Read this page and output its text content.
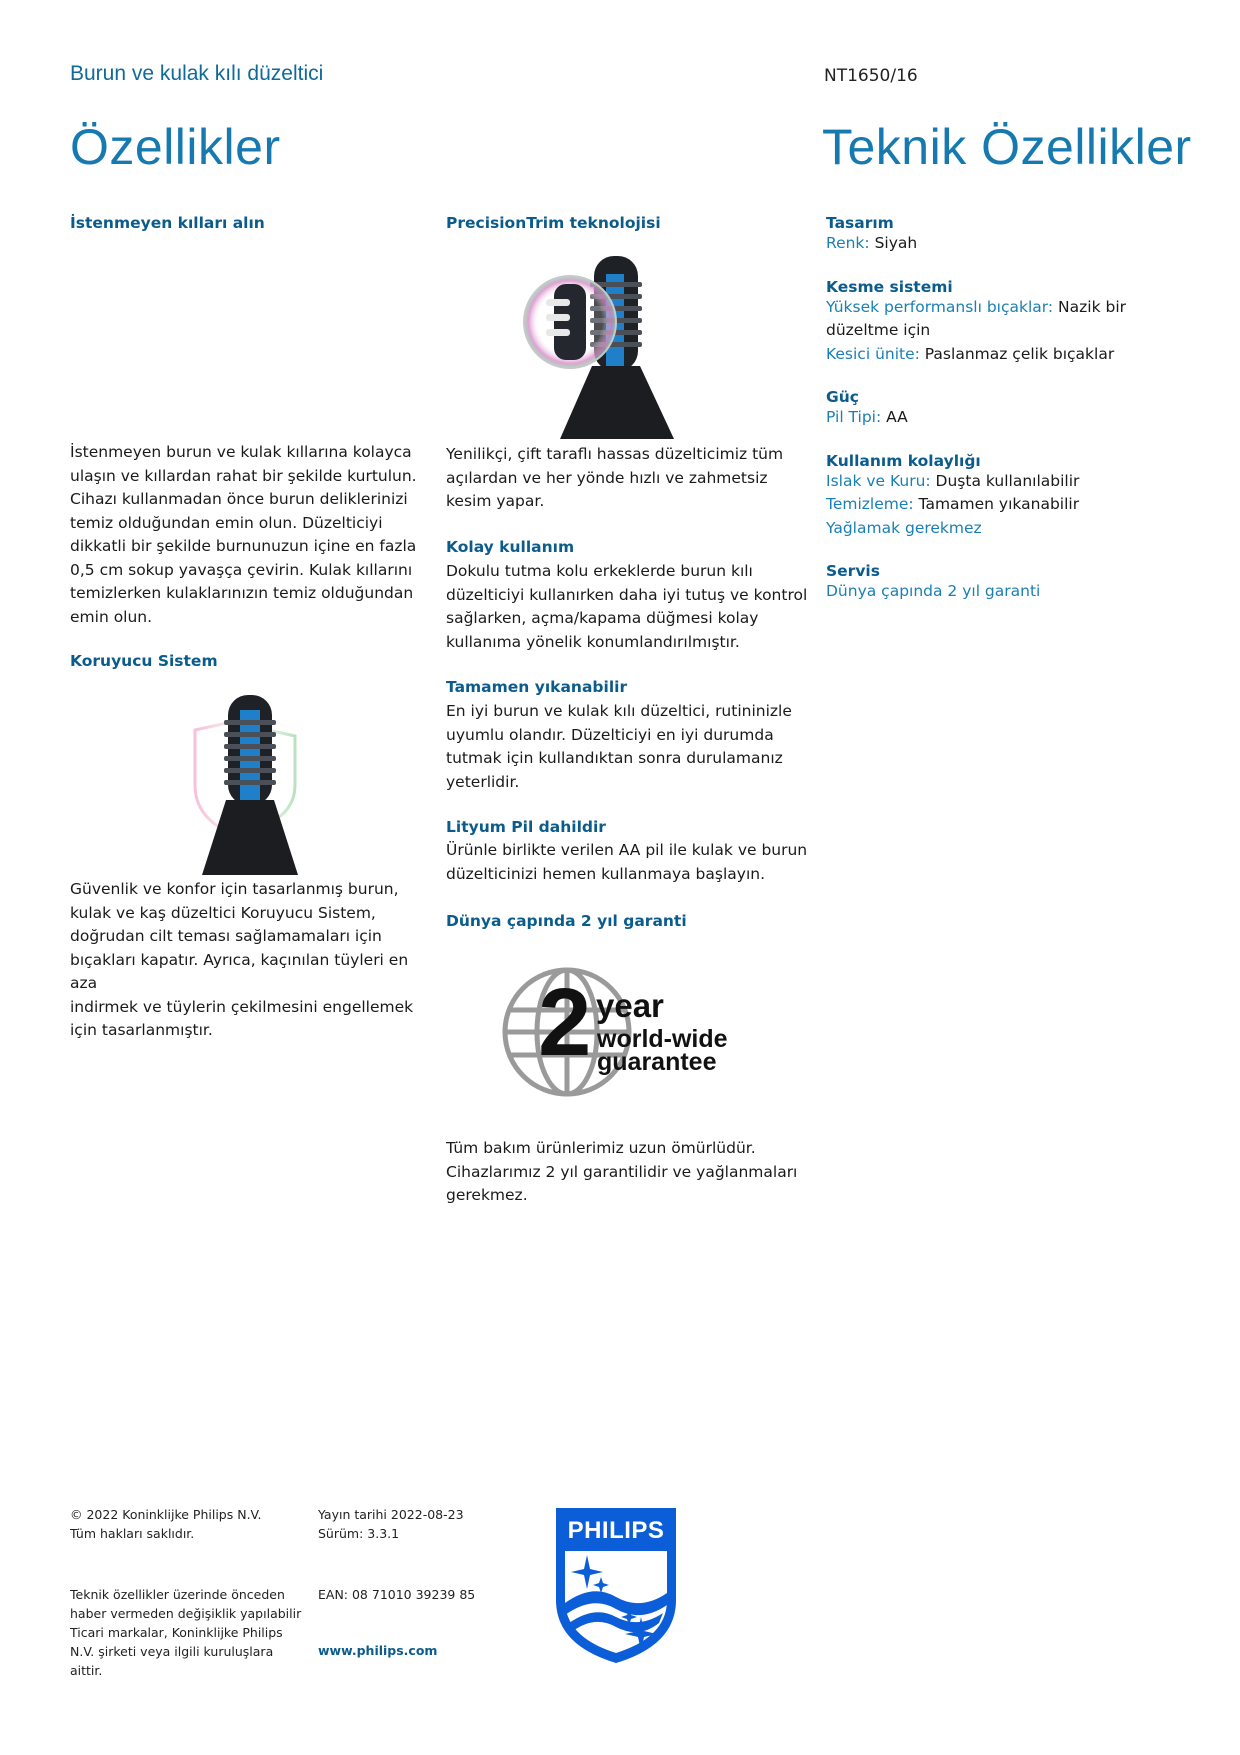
Burun ve kulak kılı düzeltici	NT1650/16
Özellikler	Teknik Özellikler
İstenmeyen kılları alın
İstenmeyen burun ve kulak kıllarına kolayca
ulaşın ve kıllardan rahat bir şekilde kurtulun.
Cihazı kullanmadan önce burun deliklerinizi
temiz olduğundan emin olun. Düzelticiyi
dikkatli bir şekilde burnunuzun içine en fazla
0,5 cm sokup yavaşça çevirin. Kulak kıllarını
temizlerken kulaklarınızın temiz olduğundan
emin olun.
Koruyucu Sistem
Güvenlik ve konfor için tasarlanmış burun,
kulak ve kaş düzeltici Koruyucu Sistem,
doğrudan cilt teması sağlamamaları için
bıçakları kapatır. Ayrıca, kaçınılan tüyleri en aza
indirmek ve tüylerin çekilmesini engellemek
için tasarlanmıştır.
PrecisionTrim teknolojisi
Yenilikçi, çift taraflı hassas düzelticimiz tüm
açılardan ve her yönde hızlı ve zahmetsiz
kesim yapar.
Kolay kullanım
Dokulu tutma kolu erkeklerde burun kılı
düzelticiyi kullanırken daha iyi tutuş ve kontrol
sağlarken, açma/kapama düğmesi kolay
kullanıma yönelik konumlandırılmıştır.
Tamamen yıkanabilir
En iyi burun ve kulak kılı düzeltici, rutininizle
uyumlu olandır. Düzelticiyi en iyi durumda
tutmak için kullandıktan sonra durulamanız
yeterlidir.
Lityum Pil dahildir
Ürünle birlikte verilen AA pil ile kulak ve burun
düzelticinizi hemen kullanmaya başlayın.
Dünya çapında 2 yıl garanti
2 year
world-wide
guarantee
Tüm bakım ürünlerimiz uzun ömürlüdür.
Cihazlarımız 2 yıl garantilidir ve yağlanmaları
gerekmez.
Tasarım
Renk: Siyah
Kesme sistemi
Yüksek performanslı bıçaklar: Nazik bir
düzeltme için
Kesici ünite: Paslanmaz çelik bıçaklar
Güç
Pil Tipi: AA
Kullanım kolaylığı
Islak ve Kuru: Duşta kullanılabilir
Temizleme: Tamamen yıkanabilir
Yağlamak gerekmez
Servis
Dünya çapında 2 yıl garanti
© 2022 Koninklijke Philips N.V.
Tüm hakları saklıdır.
Teknik özellikler üzerinde önceden
haber vermeden değişiklik yapılabilir
Ticari markalar, Koninklijke Philips
N.V. şirketi veya ilgili kuruluşlara
aittir.
Yayın tarihi 2022-08-23
Sürüm: 3.3.1
EAN: 08 71010 39239 85
www.philips.com
PHILIPS
